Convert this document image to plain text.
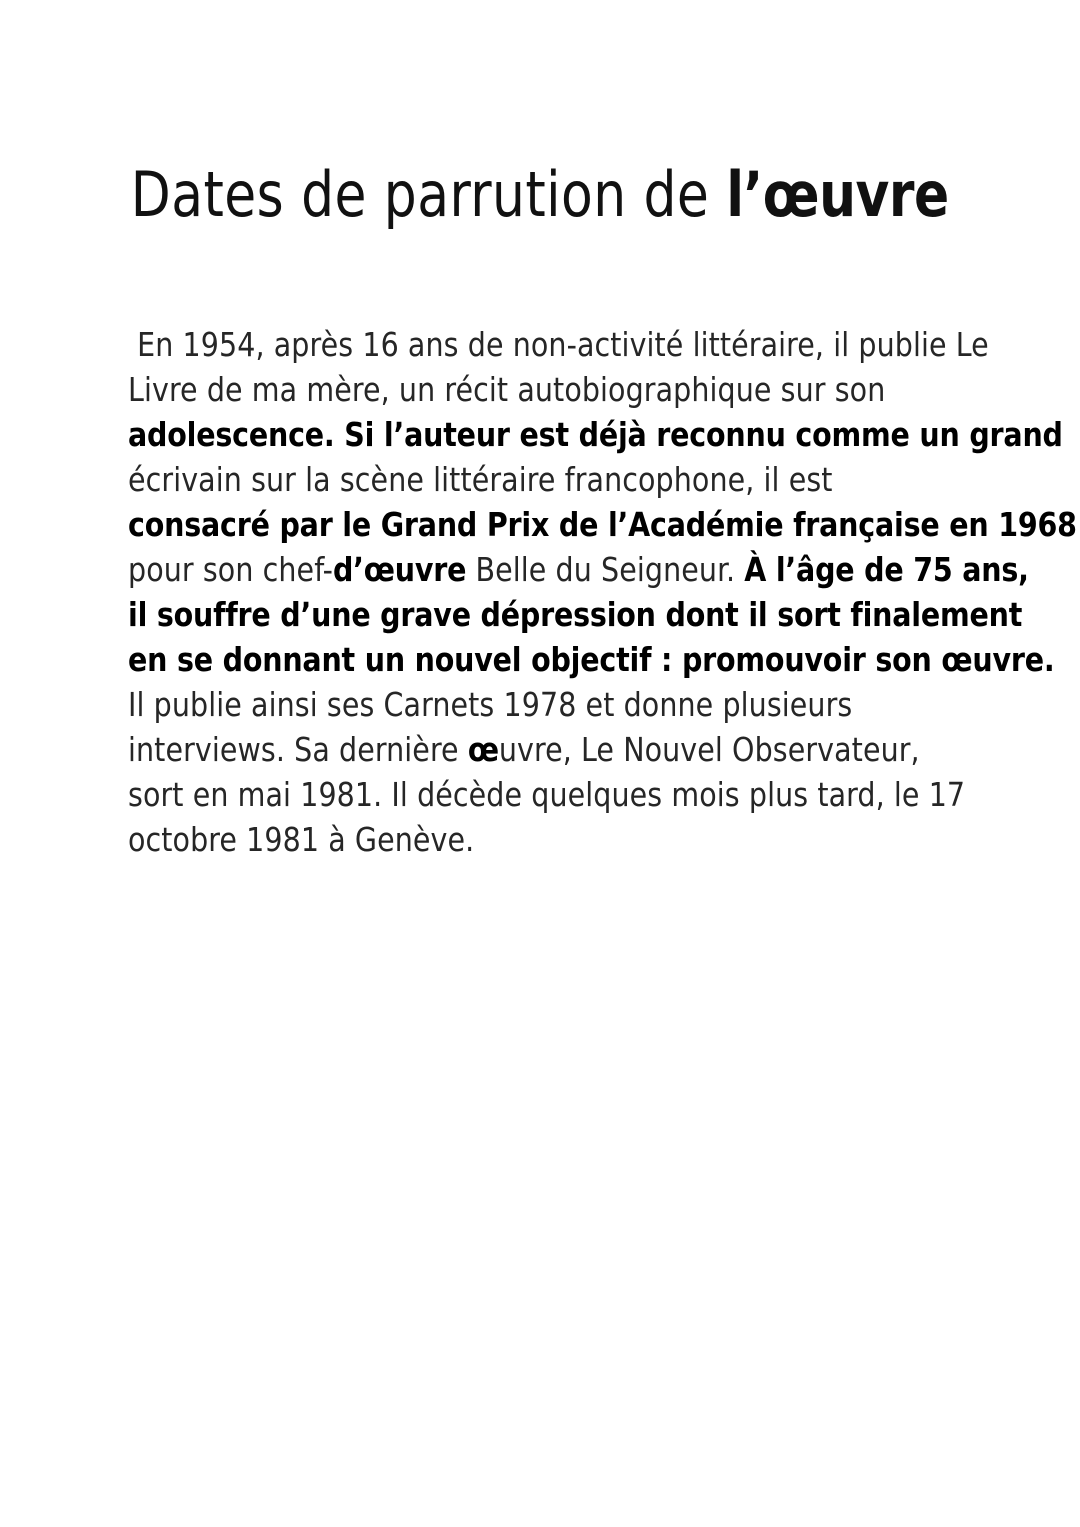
Dates de parrution de l’œuvre
En 1954, après 16 ans de non-activité littéraire, il publie Le
Livre de ma mère, un récit autobiographique sur son
adolescence. Si l’auteur est déjà reconnu comme un grand
écrivain sur la scène littéraire francophone, il est
consacré par le Grand Prix de l’Académie française en 1968
pour son chef-d’œuvre Belle du Seigneur. À l’âge de 75 ans,
il souffre d’une grave dépression dont il sort finalement
en se donnant un nouvel objectif : promouvoir son œuvre.
Il publie ainsi ses Carnets 1978 et donne plusieurs
interviews. Sa dernière œuvre, Le Nouvel Observateur,
sort en mai 1981. Il décède quelques mois plus tard, le 17
octobre 1981 à Genève.
